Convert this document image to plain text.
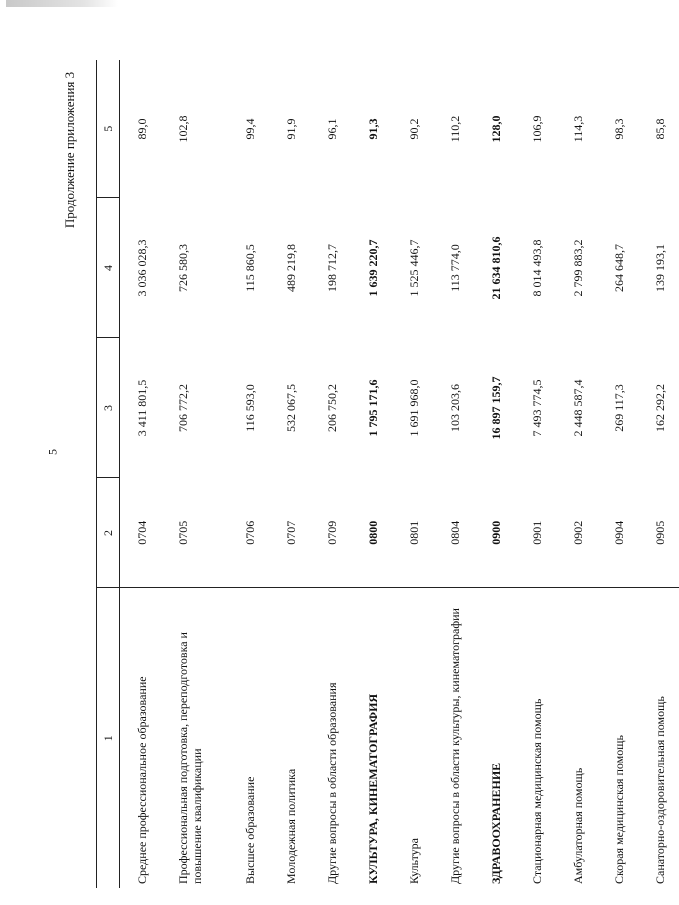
5
Продолжение приложения 3
1	2	3	4	5
Среднее профессиональное образование	0704	3 411 801,5	3 036 028,3	89,0
Профессиональная подготовка, переподготовка и повышение квалификации	0705	706 772,2	726 580,3	102,8
Высшее образование	0706	116 593,0	115 860,5	99,4
Молодежная политика	0707	532 067,5	489 219,8	91,9
Другие вопросы в области образования	0709	206 750,2	198 712,7	96,1
КУЛЬТУРА, КИНЕМАТОГРАФИЯ	0800	1 795 171,6	1 639 220,7	91,3
Культура	0801	1 691 968,0	1 525 446,7	90,2
Другие вопросы в области культуры, кинематографии	0804	103 203,6	113 774,0	110,2
ЗДРАВООХРАНЕНИЕ	0900	16 897 159,7	21 634 810,6	128,0
Стационарная медицинская помощь	0901	7 493 774,5	8 014 493,8	106,9
Амбулаторная помощь	0902	2 448 587,4	2 799 883,2	114,3
Скорая медицинская помощь	0904	269 117,3	264 648,7	98,3
Санаторно-оздоровительная помощь	0905	162 292,2	139 193,1	85,8
